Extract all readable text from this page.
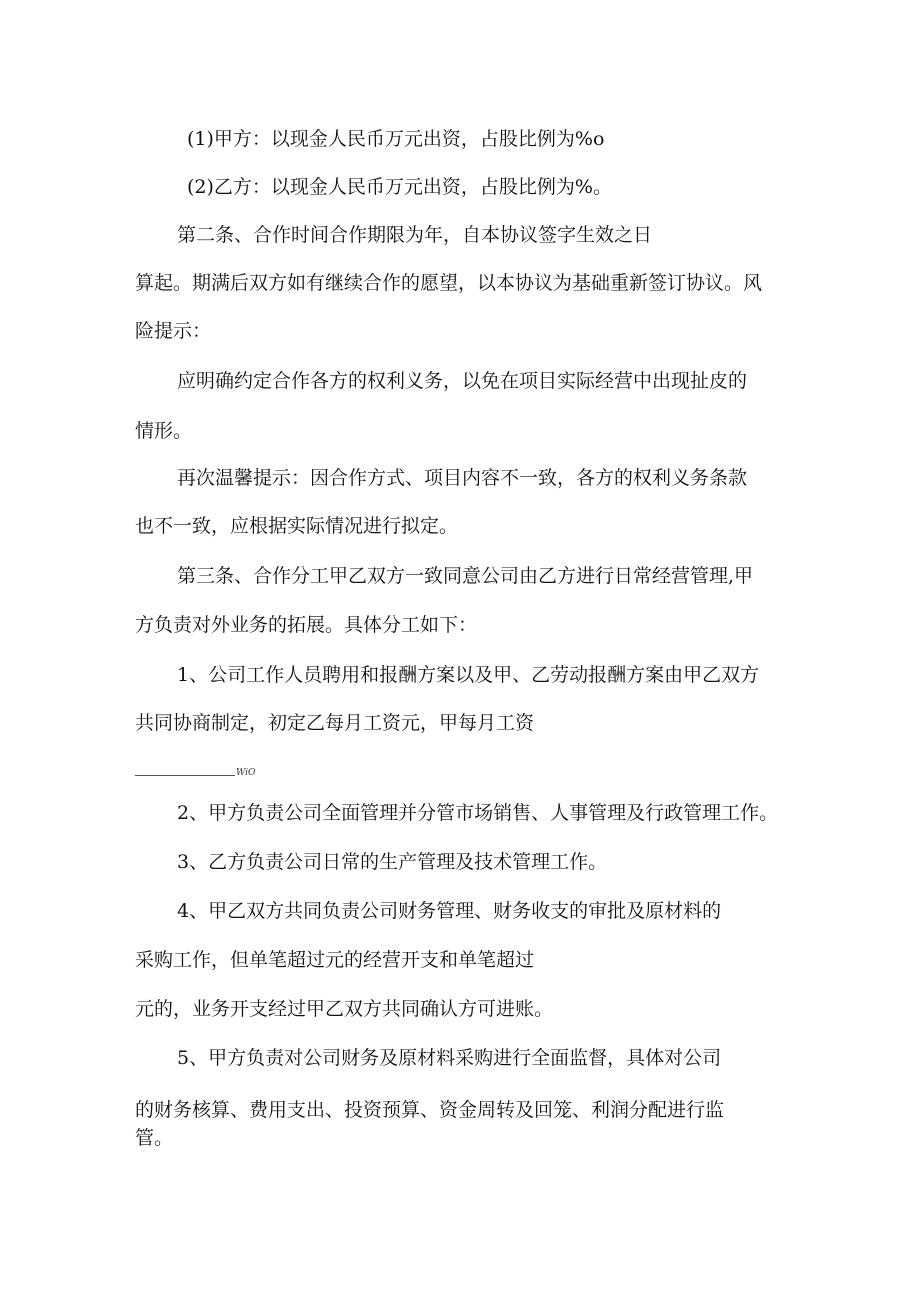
(1)甲方：以现金人民币万元出资，占股比例为%o

(2)乙方：以现金人民币万元出资，占股比例为%。

第二条、合作时间合作期限为年，自本协议签字生效之日

算起。期满后双方如有继续合作的愿望，以本协议为基础重新签订协议。风

险提示：

应明确约定合作各方的权利义务，以免在项目实际经营中出现扯皮的

情形。

再次温馨提示：因合作方式、项目内容不一致，各方的权利义务条款

也不一致，应根据实际情况进行拟定。

第三条、合作分工甲乙双方一致同意公司由乙方进行日常经营管理,甲

方负责对外业务的拓展。具体分工如下：

1、公司工作人员聘用和报酬方案以及甲、乙劳动报酬方案由甲乙双方

共同协商制定，初定乙每月工资元，甲每月工资

WiO

2、甲方负责公司全面管理并分管市场销售、人事管理及行政管理工作。

3、乙方负责公司日常的生产管理及技术管理工作。

4、甲乙双方共同负责公司财务管理、财务收支的审批及原材料的

采购工作，但单笔超过元的经营开支和单笔超过

元的，业务开支经过甲乙双方共同确认方可进账。

5、甲方负责对公司财务及原材料采购进行全面监督，具体对公司

的财务核算、费用支出、投资预算、资金周转及回笼、利润分配进行监

管。
